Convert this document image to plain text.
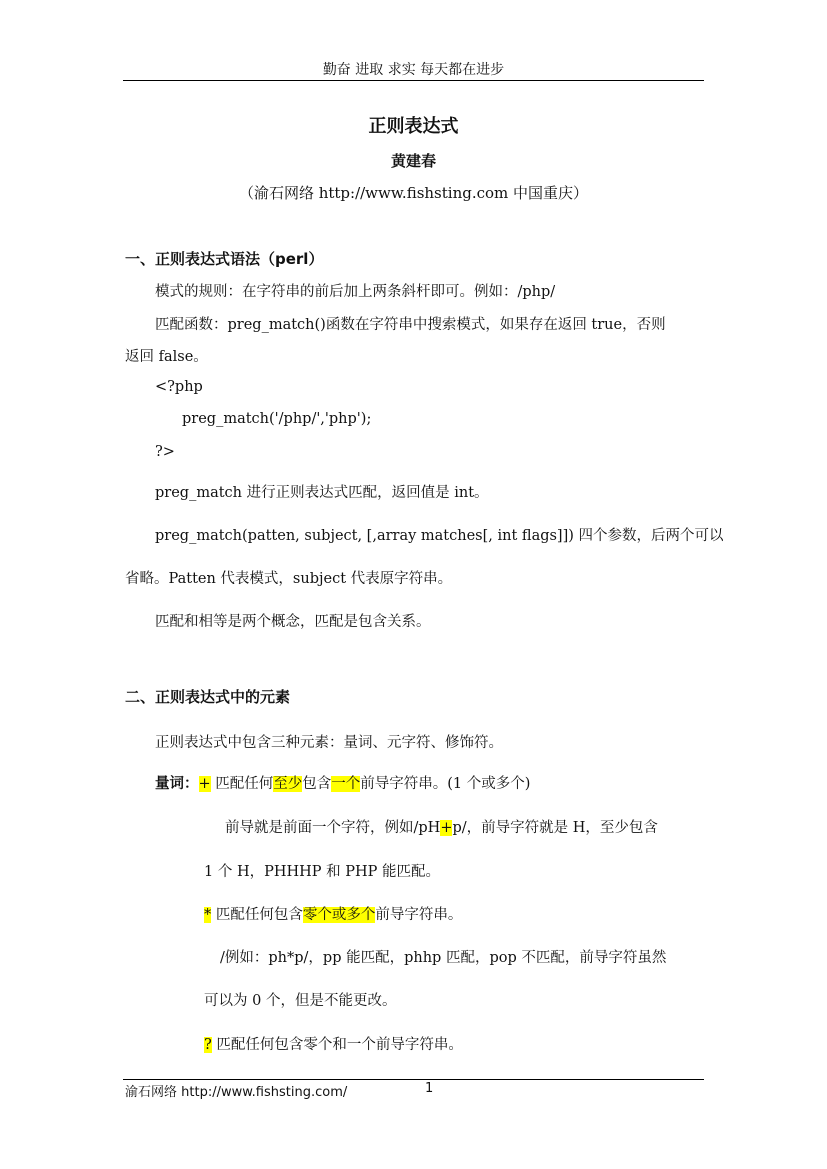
勤奋 进取 求实 每天都在进步
正则表达式
黄建春
（渝石网络 http://www.fishsting.com 中国重庆）
一、正则表达式语法（perl）
模式的规则：在字符串的前后加上两条斜杆即可。例如：/php/
匹配函数：preg_match()函数在字符串中搜索模式，如果存在返回 true，否则
返回 false。
<?php
preg_match('/php/','php');
?>
preg_match 进行正则表达式匹配，返回值是 int。
preg_match(patten, subject, [,array matches[, int flags]]) 四个参数，后两个可以
省略。Patten 代表模式，subject 代表原字符串。
匹配和相等是两个概念，匹配是包含关系。
二、正则表达式中的元素
正则表达式中包含三种元素：量词、元字符、修饰符。
量词：+ 匹配任何至少包含一个前导字符串。(1 个或多个)
前导就是前面一个字符，例如/pH+p/，前导字符就是 H，至少包含
1 个 H，PHHHP 和 PHP 能匹配。
* 匹配任何包含零个或多个前导字符串。
/例如：ph*p/，pp 能匹配，phhp 匹配，pop 不匹配，前导字符虽然
可以为 0 个，但是不能更改。
? 匹配任何包含零个和一个前导字符串。
渝石网络 http://www.fishsting.com/	1
